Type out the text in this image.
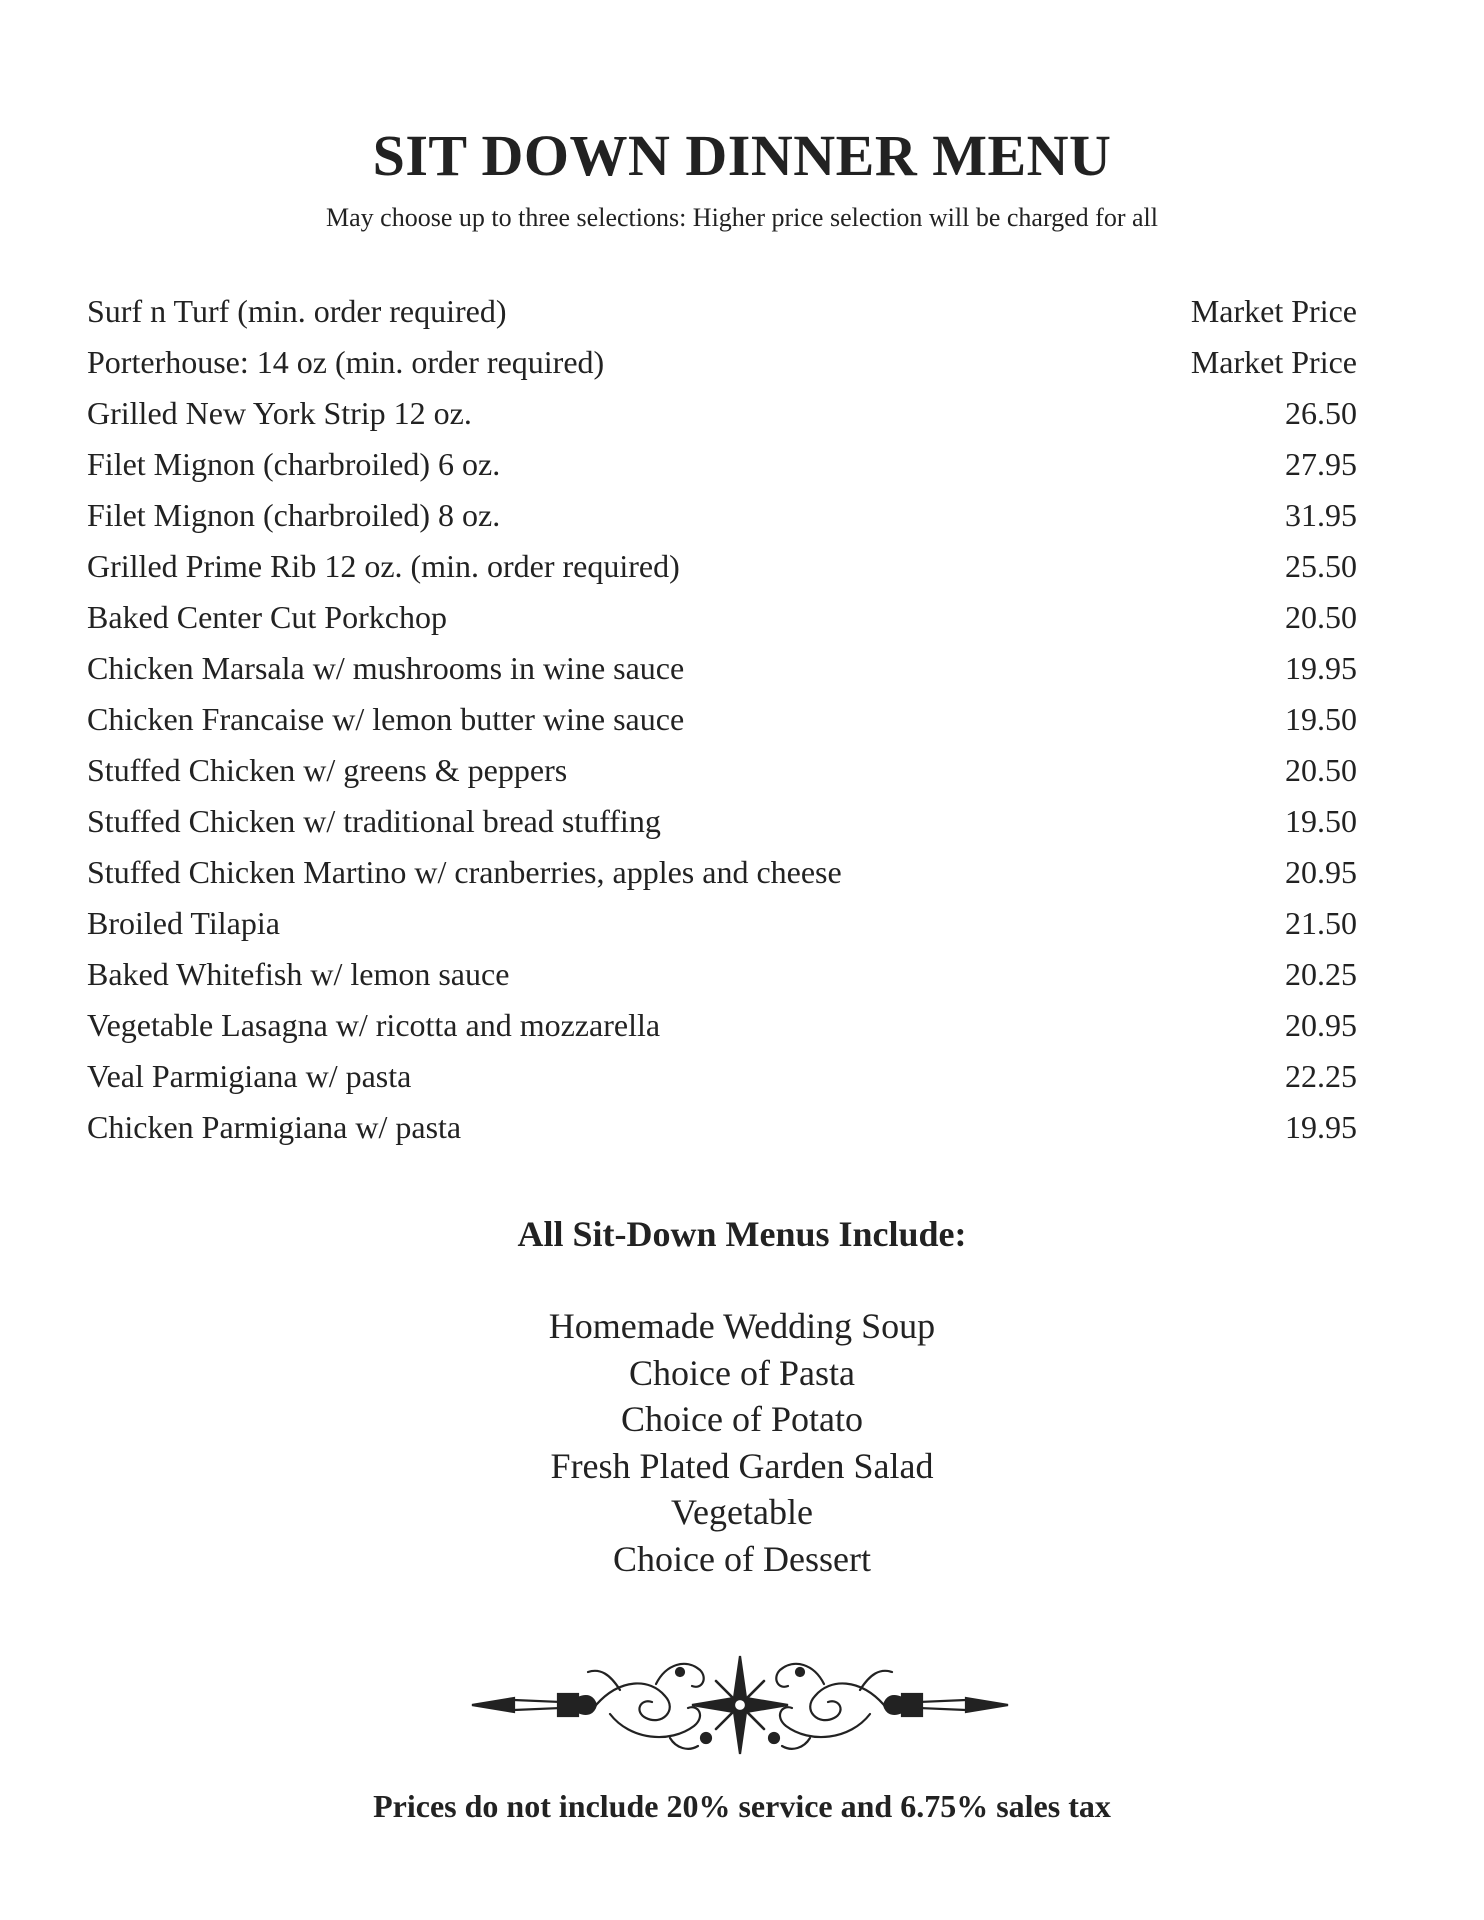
SIT DOWN DINNER MENU
May choose up to three selections: Higher price selection will be charged for all
Surf n Turf (min. order required)	Market Price
Porterhouse: 14 oz (min. order required)	Market Price
Grilled New York Strip 12 oz.	26.50
Filet Mignon (charbroiled) 6 oz.	27.95
Filet Mignon (charbroiled) 8 oz.	31.95
Grilled Prime Rib 12 oz. (min. order required)	25.50
Baked Center Cut Porkchop	20.50
Chicken Marsala w/ mushrooms in wine sauce	19.95
Chicken Francaise w/ lemon butter wine sauce	19.50
Stuffed Chicken w/ greens & peppers	20.50
Stuffed Chicken w/ traditional bread stuffing	19.50
Stuffed Chicken Martino w/ cranberries, apples and cheese	20.95
Broiled Tilapia	21.50
Baked Whitefish w/ lemon sauce	20.25
Vegetable Lasagna w/ ricotta and mozzarella	20.95
Veal Parmigiana w/ pasta	22.25
Chicken Parmigiana w/ pasta	19.95
All Sit-Down Menus Include:
Homemade Wedding Soup
Choice of Pasta
Choice of Potato
Fresh Plated Garden Salad
Vegetable
Choice of Dessert
Prices do not include 20% service and 6.75% sales tax
